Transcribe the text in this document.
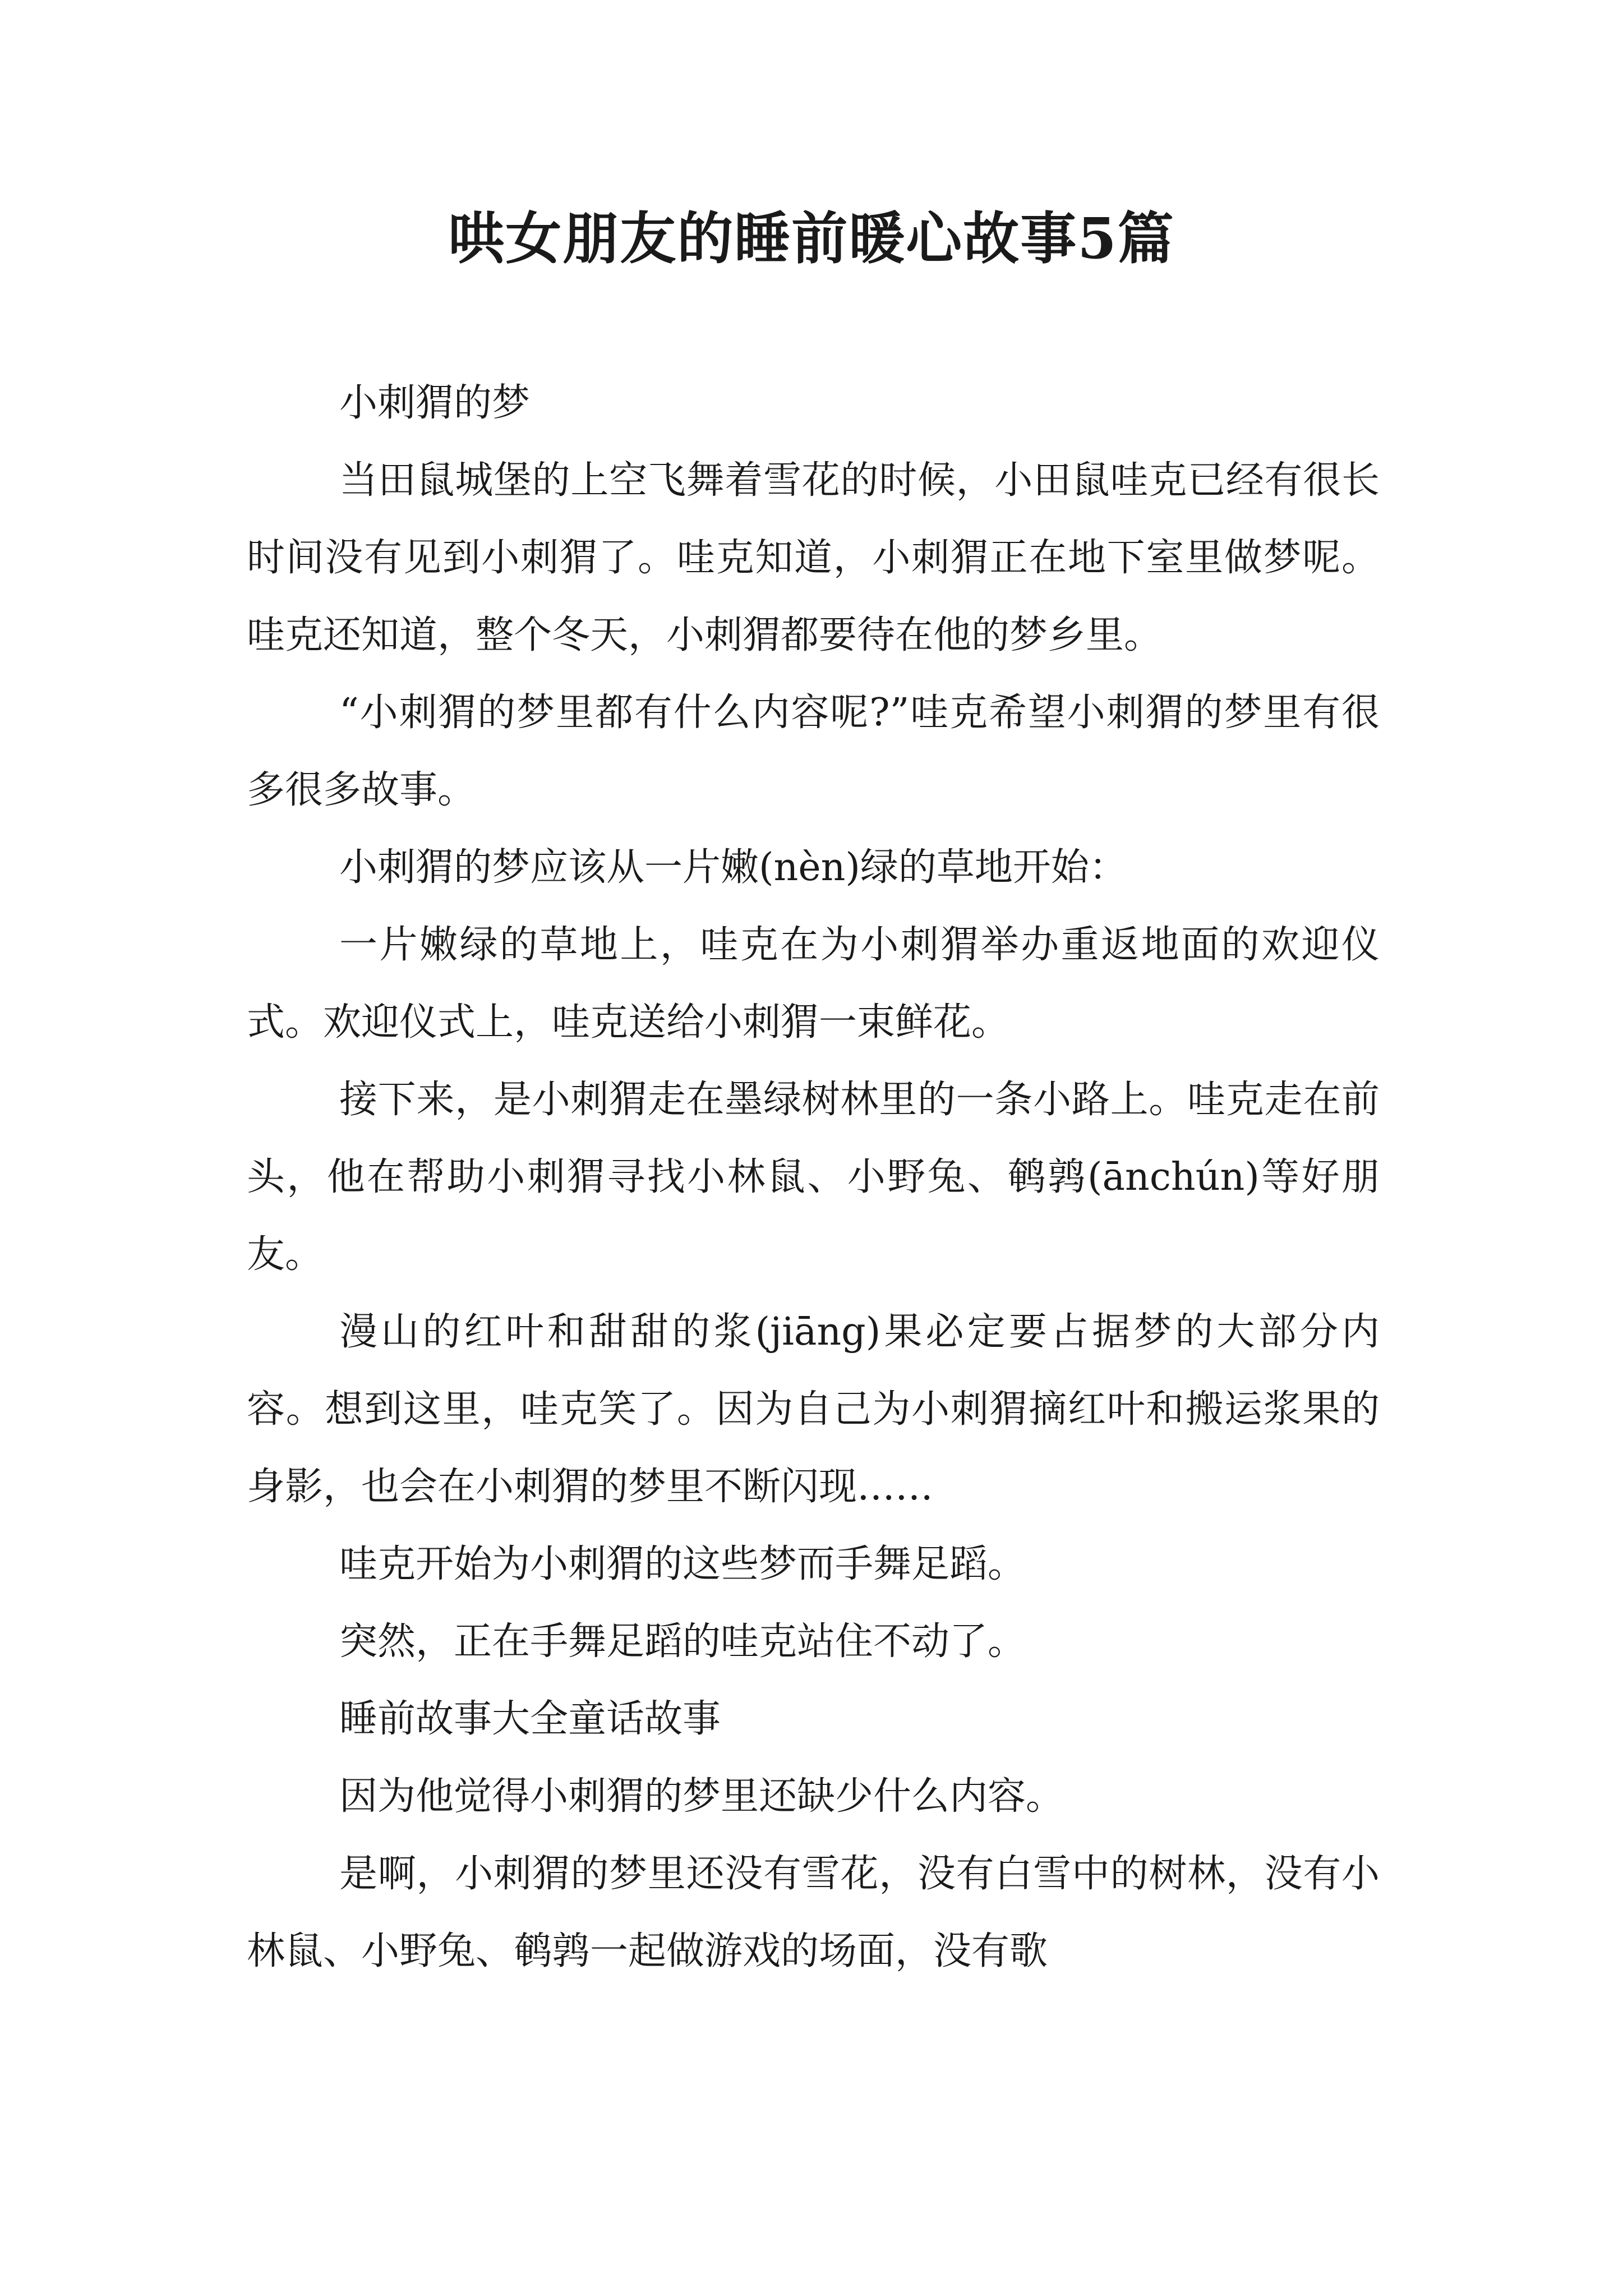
哄女朋友的睡前暖心故事5篇

小刺猬的梦

当田鼠城堡的上空飞舞着雪花的时候，小田鼠哇克已经有很长时间没有见到小刺猬了。哇克知道，小刺猬正在地下室里做梦呢。哇克还知道，整个冬天，小刺猬都要待在他的梦乡里。

“小刺猬的梦里都有什么内容呢?”哇克希望小刺猬的梦里有很多很多故事。

小刺猬的梦应该从一片嫩(nèn)绿的草地开始：

一片嫩绿的草地上，哇克在为小刺猬举办重返地面的欢迎仪式。欢迎仪式上，哇克送给小刺猬一束鲜花。

接下来，是小刺猬走在墨绿树林里的一条小路上。哇克走在前头，他在帮助小刺猬寻找小林鼠、小野兔、鹌鹑(ānchún)等好朋友。

漫山的红叶和甜甜的浆(jiāng)果必定要占据梦的大部分内容。想到这里，哇克笑了。因为自己为小刺猬摘红叶和搬运浆果的身影，也会在小刺猬的梦里不断闪现……

哇克开始为小刺猬的这些梦而手舞足蹈。

突然，正在手舞足蹈的哇克站住不动了。

睡前故事大全童话故事

因为他觉得小刺猬的梦里还缺少什么内容。

是啊，小刺猬的梦里还没有雪花，没有白雪中的树林，没有小林鼠、小野兔、鹌鹑一起做游戏的场面，没有歌
